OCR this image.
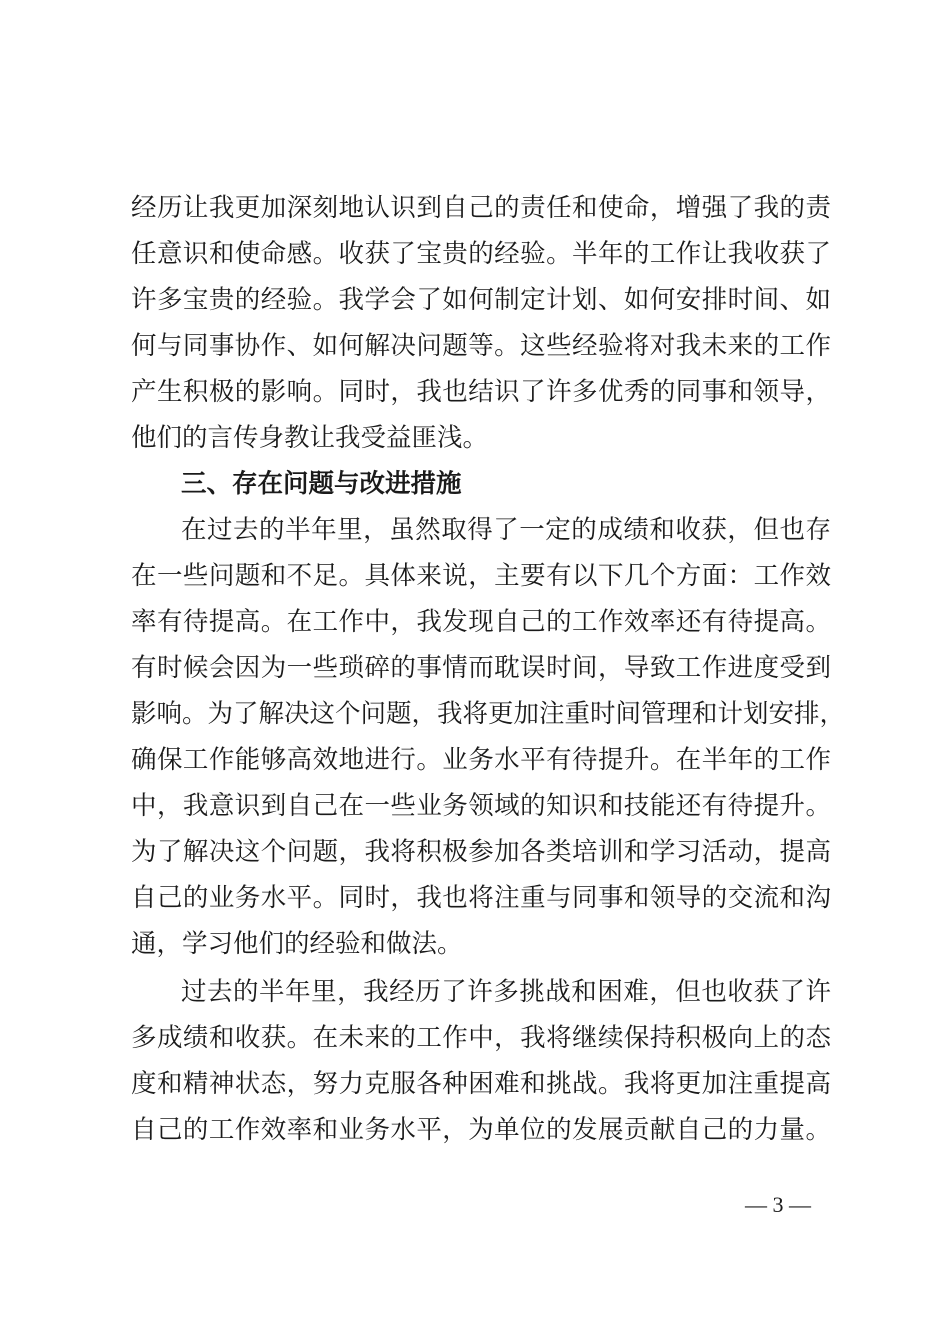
经历让我更加深刻地认识到自己的责任和使命，增强了我的责
任意识和使命感。收获了宝贵的经验。半年的工作让我收获了
许多宝贵的经验。我学会了如何制定计划、如何安排时间、如
何与同事协作、如何解决问题等。这些经验将对我未来的工作
产生积极的影响。同时，我也结识了许多优秀的同事和领导，
他们的言传身教让我受益匪浅。
三、存在问题与改进措施
在过去的半年里，虽然取得了一定的成绩和收获，但也存
在一些问题和不足。具体来说，主要有以下几个方面：工作效
率有待提高。在工作中，我发现自己的工作效率还有待提高。
有时候会因为一些琐碎的事情而耽误时间，导致工作进度受到
影响。为了解决这个问题，我将更加注重时间管理和计划安排，
确保工作能够高效地进行。业务水平有待提升。在半年的工作
中，我意识到自己在一些业务领域的知识和技能还有待提升。
为了解决这个问题，我将积极参加各类培训和学习活动，提高
自己的业务水平。同时，我也将注重与同事和领导的交流和沟
通，学习他们的经验和做法。
过去的半年里，我经历了许多挑战和困难，但也收获了许
多成绩和收获。在未来的工作中，我将继续保持积极向上的态
度和精神状态，努力克服各种困难和挑战。我将更加注重提高
自己的工作效率和业务水平，为单位的发展贡献自己的力量。
— 3 —
